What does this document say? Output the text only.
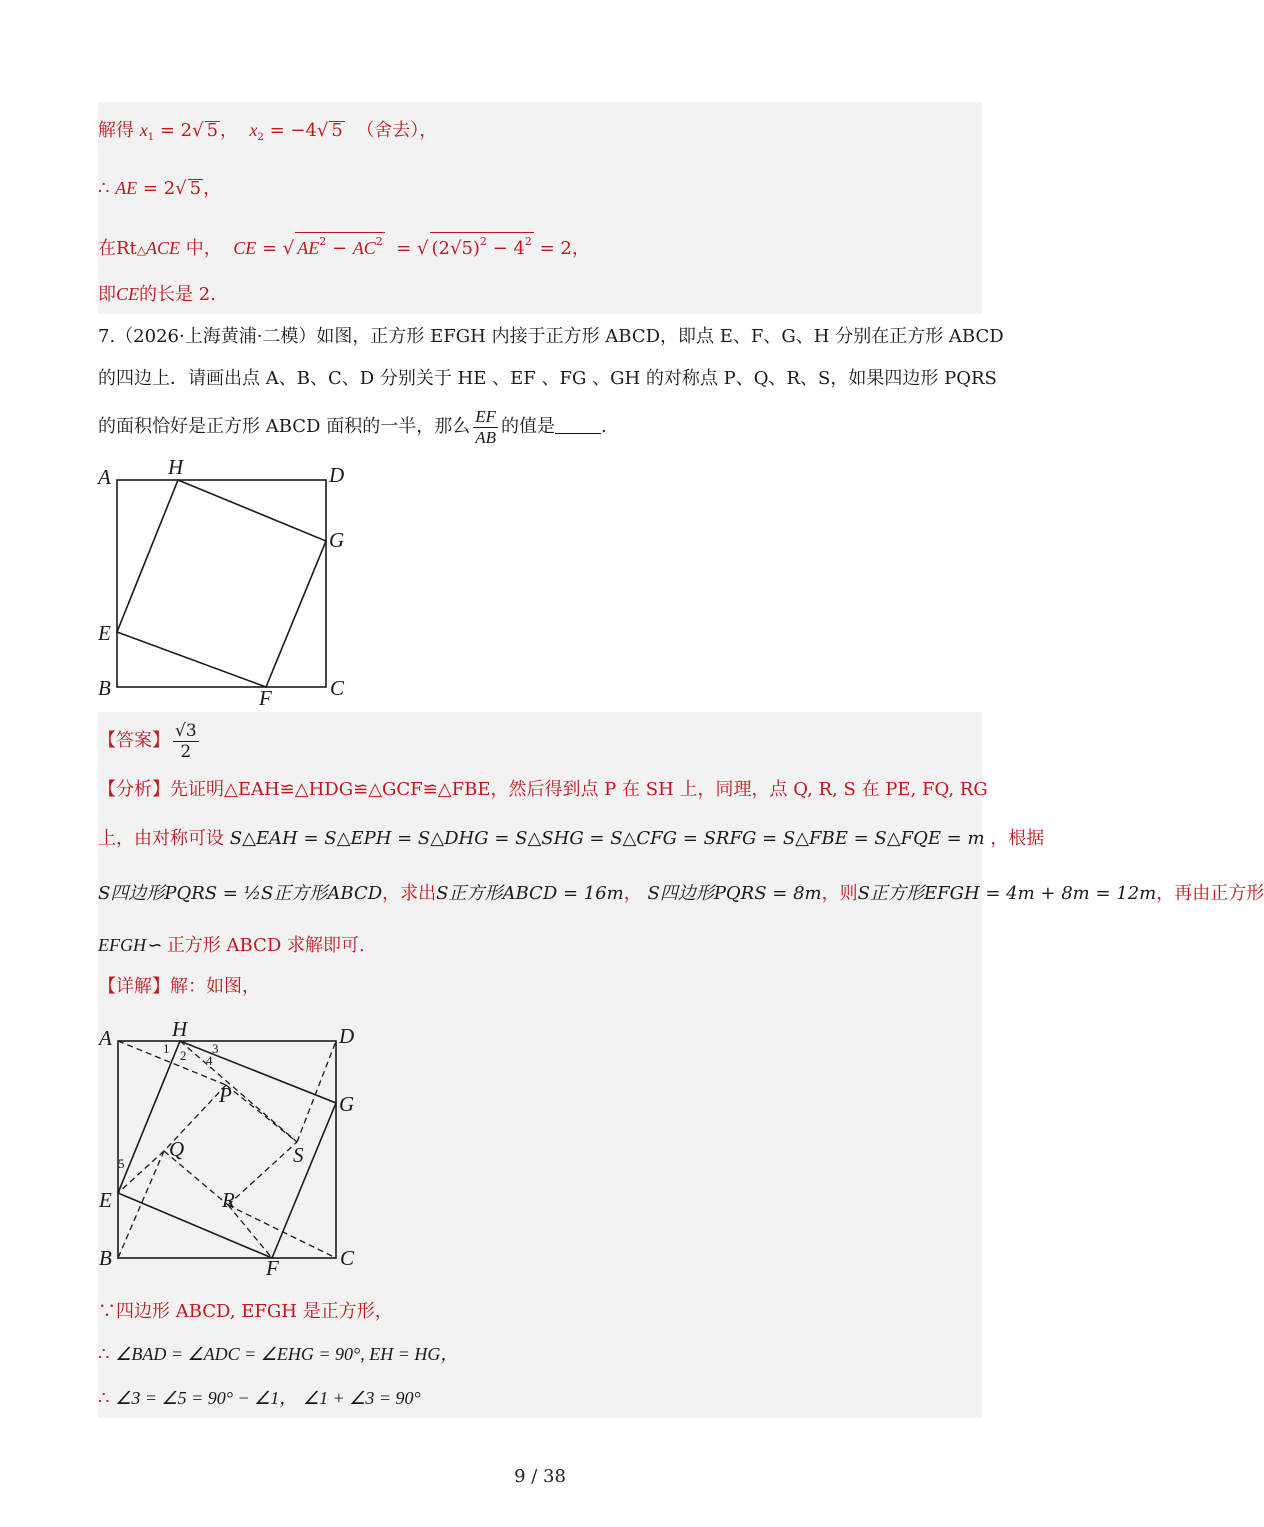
解得 $x_1 = 2√$ 5 ， $x_2 = -4√$ 5 （舍去），
∴ AE = 2√ 5 ，
在Rt△ACE 中， CE = √ $AE^2 - AC^2$  = √ $(2√5)^2 - 4^2 = 2$，
即CE的长是 2.
7.（2026·上海黄浦·二模）如图，正方形 EFGH 内接于正方形 ABCD，即点 E、F、G、H 分别在正方形 ABCD
的四边上．请画出点 A、B、C、D 分别关于 HE 、EF 、FG 、GH 的对称点 P、Q、R、S，如果四边形 PQRS
的面积恰好是正方形 ABCD 面积的一半，那么 $\frac{EF}{AB}$ 的值是	.
A	H	D
G
E
B	F	C
【答案】 $\frac{√3}{2}$
【分析】先证明△EAH≌△HDG≌△GCF≌△FBE，然后得到点 P 在 SH 上，同理，点 Q, R, S 在 PE, FQ, RG
上，由对称可设 S△EAH = S△EPH = S△DHG = S△SHG = S△CFG = SRFG = S△FBE = S△FQE = m ，根据
S四边形PQRS = ½S正方形ABCD，求出S正方形ABCD = 16m， S四边形PQRS = 8m，则S正方形EFGH = 4m + 8m = 12m，再由正方形
EFGH∽ 正方形 ABCD 求解即可.
【详解】解：如图，
A	H	D
G
E
B	F	C
P
Q
R
S
1 2 3
4
5
∵四边形 ABCD, EFGH 是正方形，
∴ ∠BAD = ∠ADC = ∠EHG = 90°, EH = HG，
∴ ∠3 = ∠5 = 90° − ∠1， ∠1 + ∠3 = 90°
9 / 38
